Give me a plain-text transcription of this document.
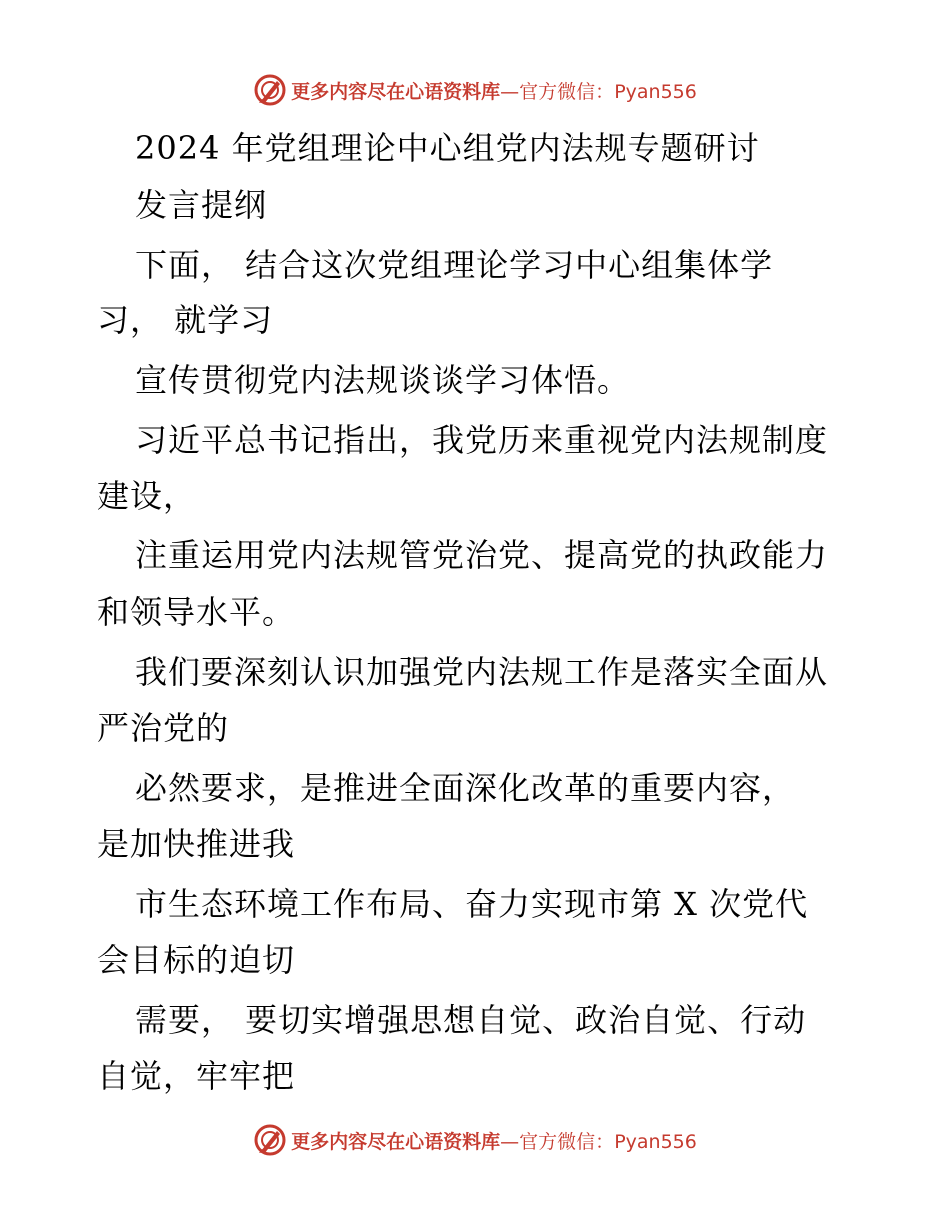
更多内容尽在心语资料库—官方微信：Pyan556
2024 年党组理论中心组党内法规专题研讨
发言提纲
下面， 结合这次党组理论学习中心组集体学
习， 就学习
宣传贯彻党内法规谈谈学习体悟。
习近平总书记指出，我党历来重视党内法规制度
建设，
注重运用党内法规管党治党、提高党的执政能力
和领导水平。
我们要深刻认识加强党内法规工作是落实全面从
严治党的
必然要求，是推进全面深化改革的重要内容，
是加快推进我
市生态环境工作布局、奋力实现市第 X 次党代
会目标的迫切
需要， 要切实增强思想自觉、政治自觉、行动
自觉，牢牢把
更多内容尽在心语资料库—官方微信：Pyan556
